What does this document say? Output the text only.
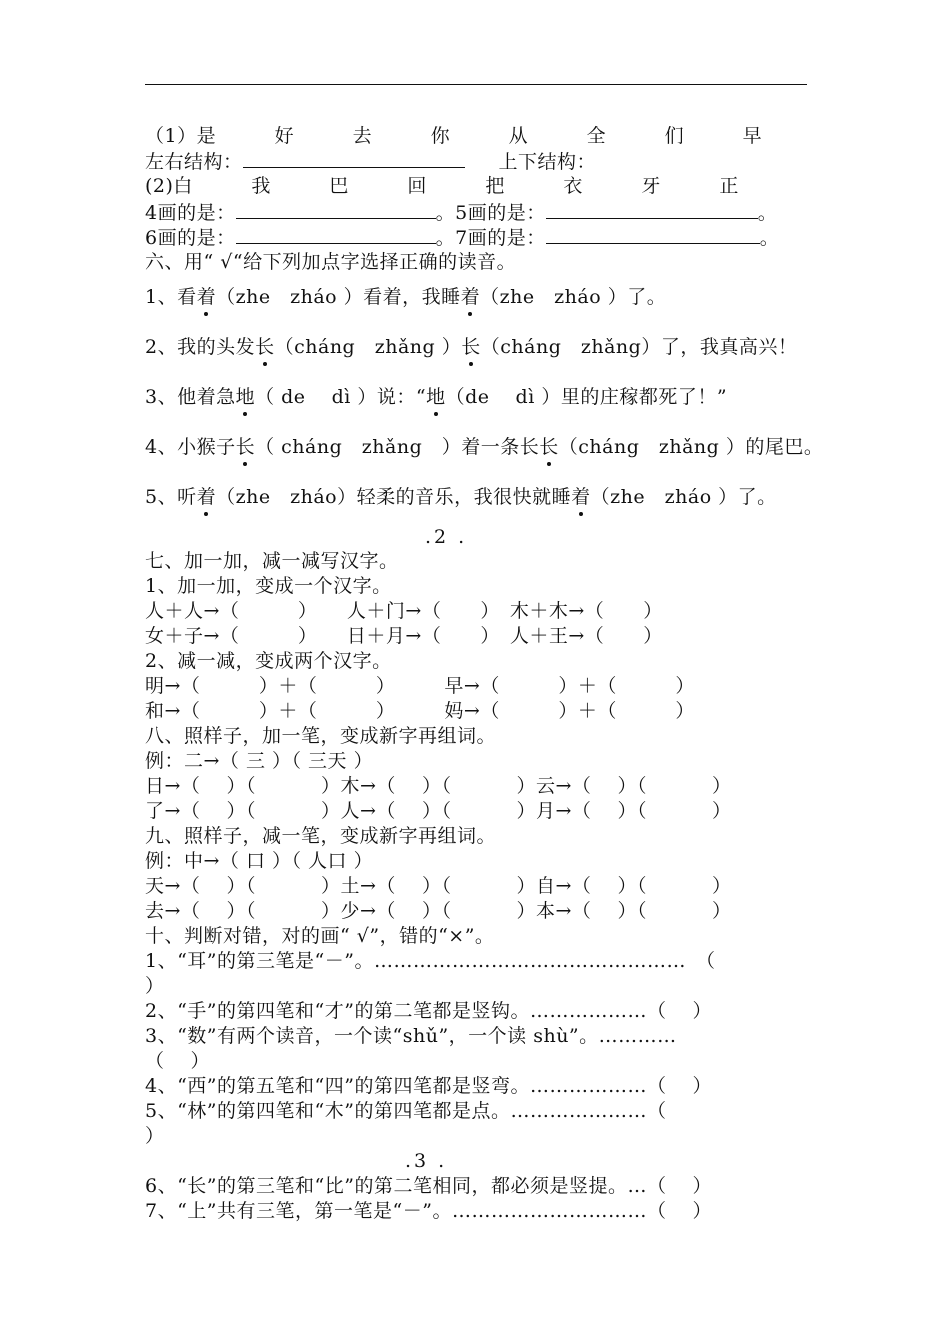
（1）是　　　好　　　去　　　你　　　从　　　全　　　们　　　早
左右结构：	上下结构：
(2)白　　　我　　　巴　　　回　　　把　　　衣　　　牙　　　正
4画的是：	。5画的是：	。
6画的是：	。7画的是：	。
六、用“ √“给下列加点字选择正确的读音。
1、看着（zhe　zháo ）看着，我睡着（zhe　zháo ）了。
2、我的头发长（cháng　zhǎng ）长（cháng　zhǎng）了，我真高兴！
3、他着急地（ de　 dì ）说：“地（de　 dì ）里的庄稼都死了！”
4、小猴子长（ cháng　zhǎng　）着一条长长（cháng　zhǎng ）的尾巴。
5、听着（zhe　zháo）轻柔的音乐，我很快就睡着（zhe　zháo ）了。
.2 .
七、加一加，减一减写汉字。
1、加一加，变成一个汉字。
人＋人→（　　　）　　人＋门→（　　）　木＋木→（　　）
女＋子→（　　　）　　日＋月→（　　）　人＋王→（　　）
2、减一减，变成两个汉字。
明→（　　　）＋（　　　）　　　早→（　　　）＋（　　　）
和→（　　　）＋（　　　）　　　妈→（　　　）＋（　　　）
八、照样子，加一笔，变成新字再组词。
例：二→（ 三 ）（ 三天 ）
日→（　 ）（　　　 ）木→（　 ）（　　　 ）云→（　 ）（　　　 ）
了→（　 ）（　　　 ）人→（　 ）（　　　 ）月→（　 ）（　　　 ）
九、照样子，减一笔，变成新字再组词。
例：中→（ 口 ）（ 人口 ）
天→（　 ）（　　　 ）土→（　 ）（　　　 ）自→（　 ）（　　　 ）
去→（　 ）（　　　 ）少→（　 ）（　　　 ）本→（　 ）（　　　 ）
十、判断对错，对的画“ √”，错的“×”。
1、“耳”的第三笔是“－”。…………………………………………　（
）
2、“手”的第四笔和“才”的第二笔都是竖钩。………………（　 ）
3、“数”有两个读音，一个读“shǔ”，一个读 shù”。…………
（　 ）
4、“西”的第五笔和“四”的第四笔都是竖弯。………………（　 ）
5、“林”的第四笔和“木”的第四笔都是点。…………………（
）
.3 .
6、“长”的第三笔和“比”的第二笔相同，都必须是竖提。…（　 ）
7、“上”共有三笔，第一笔是“－”。…………………………（　 ）
